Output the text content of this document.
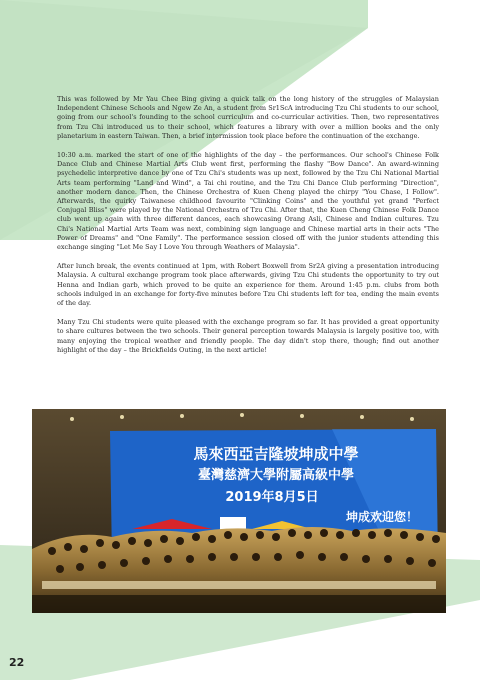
This was followed by Mr Yau Chee Bing giving a quick talk on the long history of the struggles of Malaysian Independent Chinese Schools and Ngew Ze An, a student from Sr1ScA introducing Tzu Chi students to our school, going from our school's founding to the school curriculum and co-curricular activities. Then, two representatives from Tzu Chi introduced us to their school, which features a library with over a million books and the only planetarium in eastern Taiwan. Then, a brief intermission took place before the continuation of the exchange.

10:30 a.m. marked the start of one of the highlights of the day – the performances. Our school's Chinese Folk Dance Club and Chinese Martial Arts Club went first, performing the flashy "Bow Dance". An award-winning psychedelic interpretive dance by one of Tzu Chi's students was up next, followed by the Tzu Chi National Martial Arts team performing "Land and Wind", a Tai chi routine, and the Tzu Chi Dance Club performing "Direction", another modern dance. Then, the Chinese Orchestra of Kuen Cheng played the chirpy "You Chase, I Follow". Afterwards, the quirky Taiwanese childhood favourite "Clinking Coins" and the youthful yet grand "Perfect Conjugal Bliss" were played by the National Orchestra of Tzu Chi. After that, the Kuen Cheng Chinese Folk Dance club went up again with three different dances, each showcasing Orang Asli, Chinese and Indian cultures. Tzu Chi's National Martial Arts Team was next, combining sign language and Chinese martial arts in their acts "The Power of Dreams" and "One Family". The performance session closed off with the junior students attending this exchange singing "Let Me Say I Love You through Weathers of Malaysia".

After lunch break, the events continued at 1pm, with Robert Boxwell from Sr2A giving a presentation introducing Malaysia. A cultural exchange program took place afterwards, giving Tzu Chi students the opportunity to try out Henna and Indian garb, which proved to be quite an experience for them. Around 1:45 p.m. clubs from both schools indulged in an exchange for forty-five minutes before Tzu Chi students left for tea, ending the main events of the day.

Many Tzu Chi students were quite pleased with the exchange program so far. It has provided a great opportunity to share cultures between the two schools. Their general perception towards Malaysia is largely positive too, with many enjoying the tropical weather and friendly people. The day didn't stop there, though; find out another highlight of the day – the Brickfields Outing, in the next article!

馬來西亞吉隆坡坤成中學
臺灣慈濟大學附屬高級中學
2019年8月5日
坤成欢迎您！
22
